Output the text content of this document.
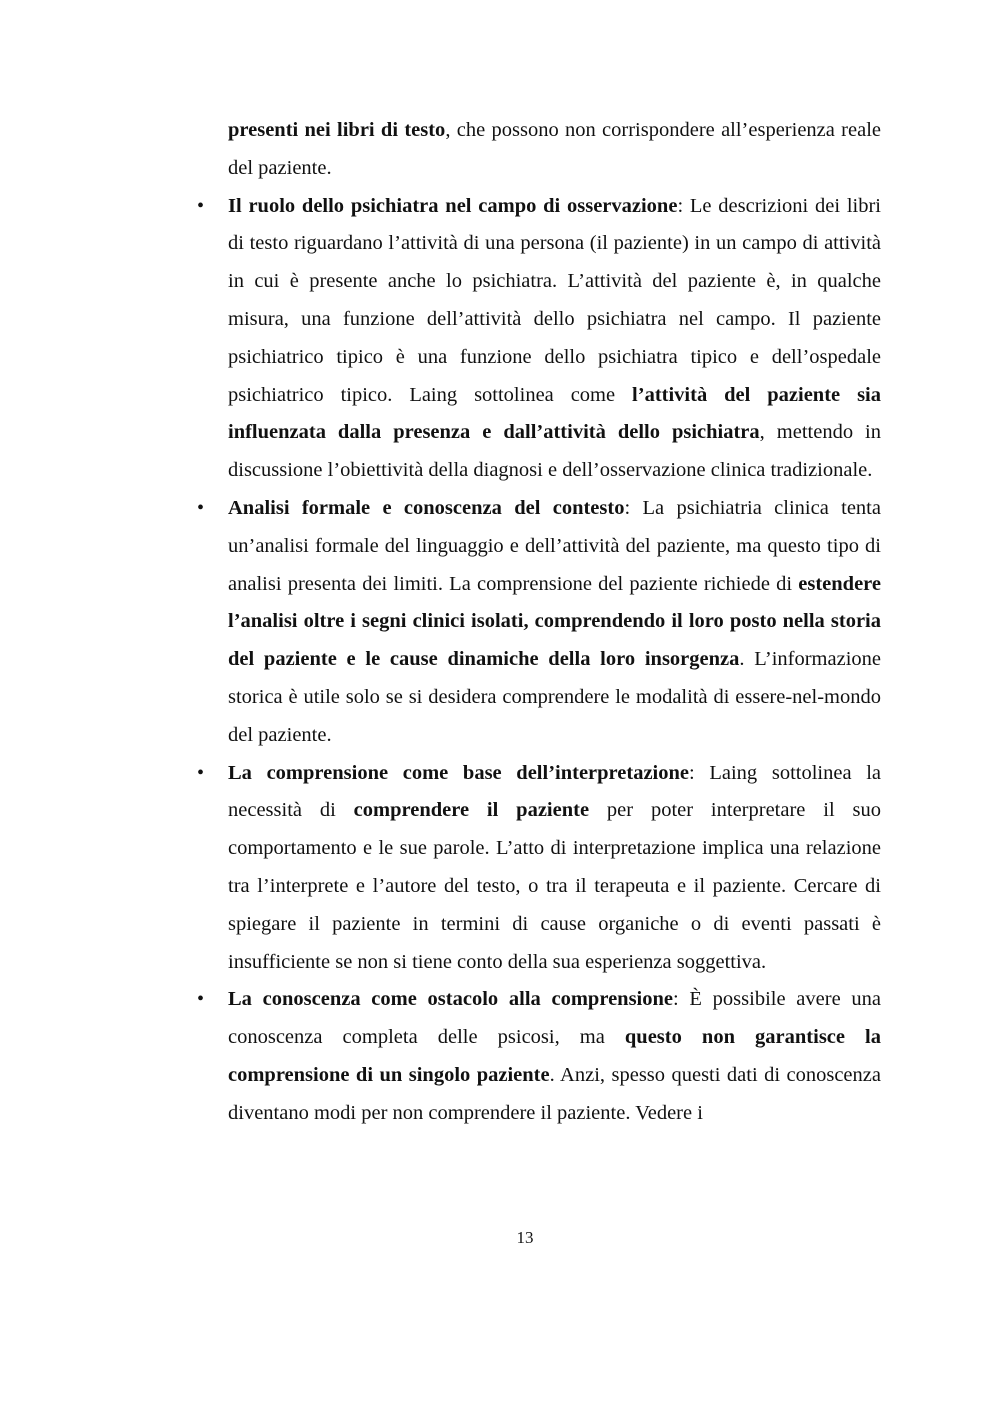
presenti nei libri di testo, che possono non corrispondere all’esperienza reale del paziente.

• Il ruolo dello psichiatra nel campo di osservazione: Le descrizioni dei libri di testo riguardano l’attività di una persona (il paziente) in un campo di attività in cui è presente anche lo psichiatra. L’attività del paziente è, in qualche misura, una funzione dell’attività dello psichiatra nel campo. Il paziente psichiatrico tipico è una funzione dello psichiatra tipico e dell’ospedale psichiatrico tipico. Laing sottolinea come l’attività del paziente sia influenzata dalla presenza e dall’attività dello psichiatra, mettendo in discussione l’obiettività della diagnosi e dell’osservazione clinica tradizionale.

• Analisi formale e conoscenza del contesto: La psichiatria clinica tenta un’analisi formale del linguaggio e dell’attività del paziente, ma questo tipo di analisi presenta dei limiti. La comprensione del paziente richiede di estendere l’analisi oltre i segni clinici isolati, comprendendo il loro posto nella storia del paziente e le cause dinamiche della loro insorgenza. L’informazione storica è utile solo se si desidera comprendere le modalità di essere-nel-mondo del paziente.

• La comprensione come base dell’interpretazione: Laing sottolinea la necessità di comprendere il paziente per poter interpretare il suo comportamento e le sue parole. L’atto di interpretazione implica una relazione tra l’interprete e l’autore del testo, o tra il terapeuta e il paziente. Cercare di spiegare il paziente in termini di cause organiche o di eventi passati è insufficiente se non si tiene conto della sua esperienza soggettiva.

• La conoscenza come ostacolo alla comprensione: È possibile avere una conoscenza completa delle psicosi, ma questo non garantisce la comprensione di un singolo paziente. Anzi, spesso questi dati di conoscenza diventano modi per non comprendere il paziente. Vedere i

13
